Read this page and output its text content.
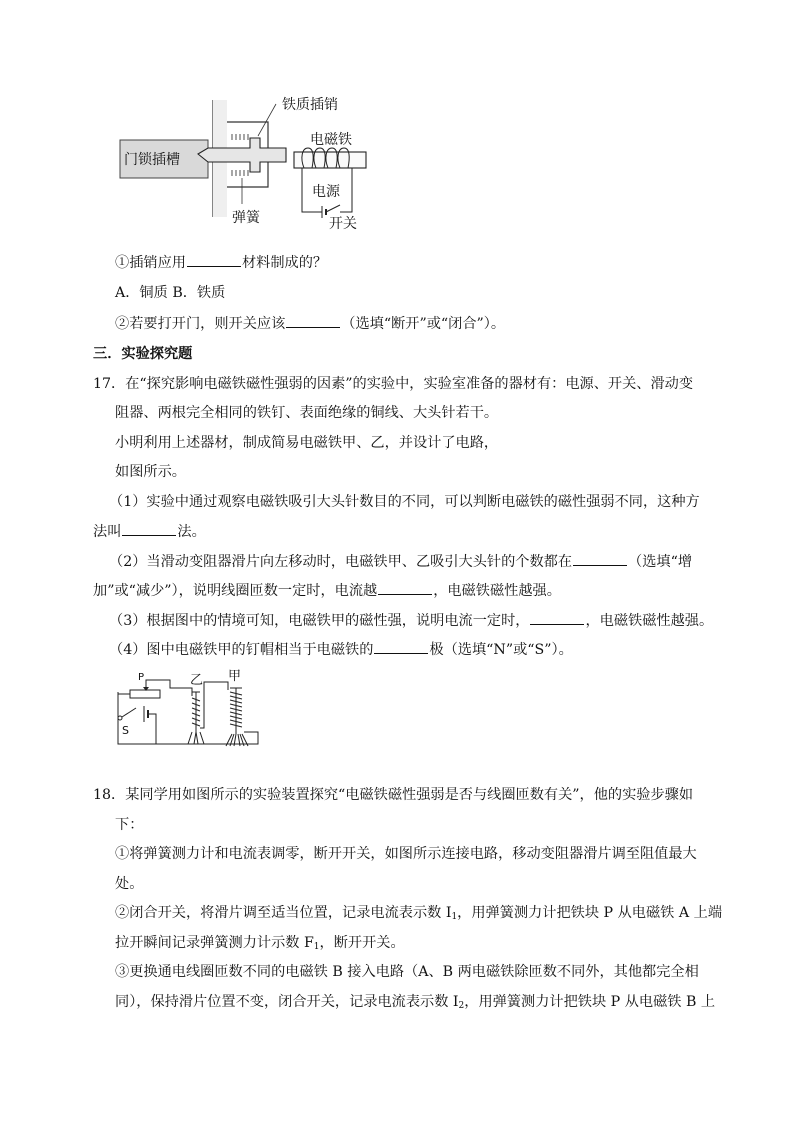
门锁插槽
铁质插销
电磁铁
电源
开关
弹簧
①插销应用	材料制成的？
A．铜质 B．铁质
②若要打开门，则开关应该	（选填“断开”或“闭合”）。
三．实验探究题
17．在“探究影响电磁铁磁性强弱的因素”的实验中，实验室准备的器材有：电源、开关、滑动变
阻器、两根完全相同的铁钉、表面绝缘的铜线、大头针若干。
小明利用上述器材，制成简易电磁铁甲、乙，并设计了电路，
如图所示。
（1）实验中通过观察电磁铁吸引大头针数目的不同，可以判断电磁铁的磁性强弱不同，这种方
法叫	法。
（2）当滑动变阻器滑片向左移动时，电磁铁甲、乙吸引大头针的个数都在	（选填“增
加”或“减少”），说明线圈匝数一定时，电流越	，电磁铁磁性越强。
（3）根据图中的情境可知，电磁铁甲的磁性强，说明电流一定时，	，电磁铁磁性越强。
（4）图中电磁铁甲的钉帽相当于电磁铁的	极（选填“N”或“S”）。
P
S
乙 甲
18．某同学用如图所示的实验装置探究“电磁铁磁性强弱是否与线圈匝数有关”，他的实验步骤如
下：
①将弹簧测力计和电流表调零，断开开关，如图所示连接电路，移动变阻器滑片调至阻值最大
处。
②闭合开关，将滑片调至适当位置，记录电流表示数 $I_1$，用弹簧测力计把铁块 P 从电磁铁 A 上端
拉开瞬间记录弹簧测力计示数 $F_1$，断开开关。
③更换通电线圈匝数不同的电磁铁 B 接入电路（A、B 两电磁铁除匝数不同外，其他都完全相
同），保持滑片位置不变，闭合开关，记录电流表示数 $I_2$，用弹簧测力计把铁块 P 从电磁铁 B 上
